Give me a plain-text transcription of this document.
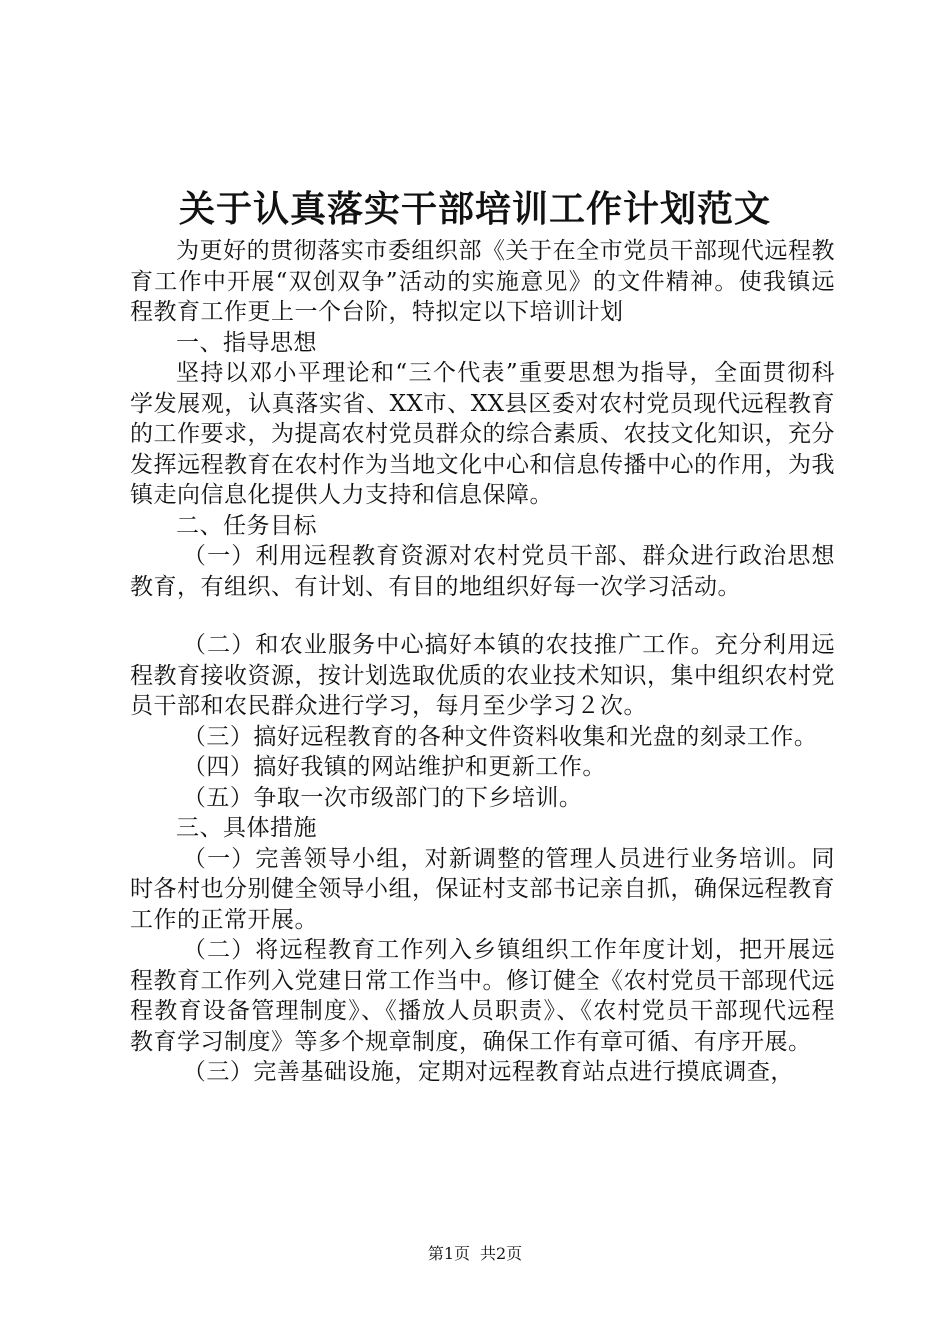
关于认真落实干部培训工作计划范文

为更好的贯彻落实市委组织部《关于在全市党员干部现代远程教育工作中开展“双创双争”活动的实施意见》的文件精神。使我镇远程教育工作更上一个台阶，特拟定以下培训计划

一、指导思想

坚持以邓小平理论和“三个代表”重要思想为指导，全面贯彻科学发展观，认真落实省、XX市、XX县区委对农村党员现代远程教育的工作要求，为提高农村党员群众的综合素质、农技文化知识，充分发挥远程教育在农村作为当地文化中心和信息传播中心的作用，为我镇走向信息化提供人力支持和信息保障。

二、任务目标

（一）利用远程教育资源对农村党员干部、群众进行政治思想教育，有组织、有计划、有目的地组织好每一次学习活动。

（二）和农业服务中心搞好本镇的农技推广工作。充分利用远程教育接收资源，按计划选取优质的农业技术知识，集中组织农村党员干部和农民群众进行学习，每月至少学习２次。

（三）搞好远程教育的各种文件资料收集和光盘的刻录工作。

（四）搞好我镇的网站维护和更新工作。

（五）争取一次市级部门的下乡培训。

三、具体措施

（一）完善领导小组，对新调整的管理人员进行业务培训。同时各村也分别健全领导小组，保证村支部书记亲自抓，确保远程教育工作的正常开展。

（二）将远程教育工作列入乡镇组织工作年度计划，把开展远程教育工作列入党建日常工作当中。修订健全《农村党员干部现代远程教育设备管理制度》、《播放人员职责》、《农村党员干部现代远程教育学习制度》等多个规章制度，确保工作有章可循、有序开展。

（三）完善基础设施，定期对远程教育站点进行摸底调查，

第1页 共2页
